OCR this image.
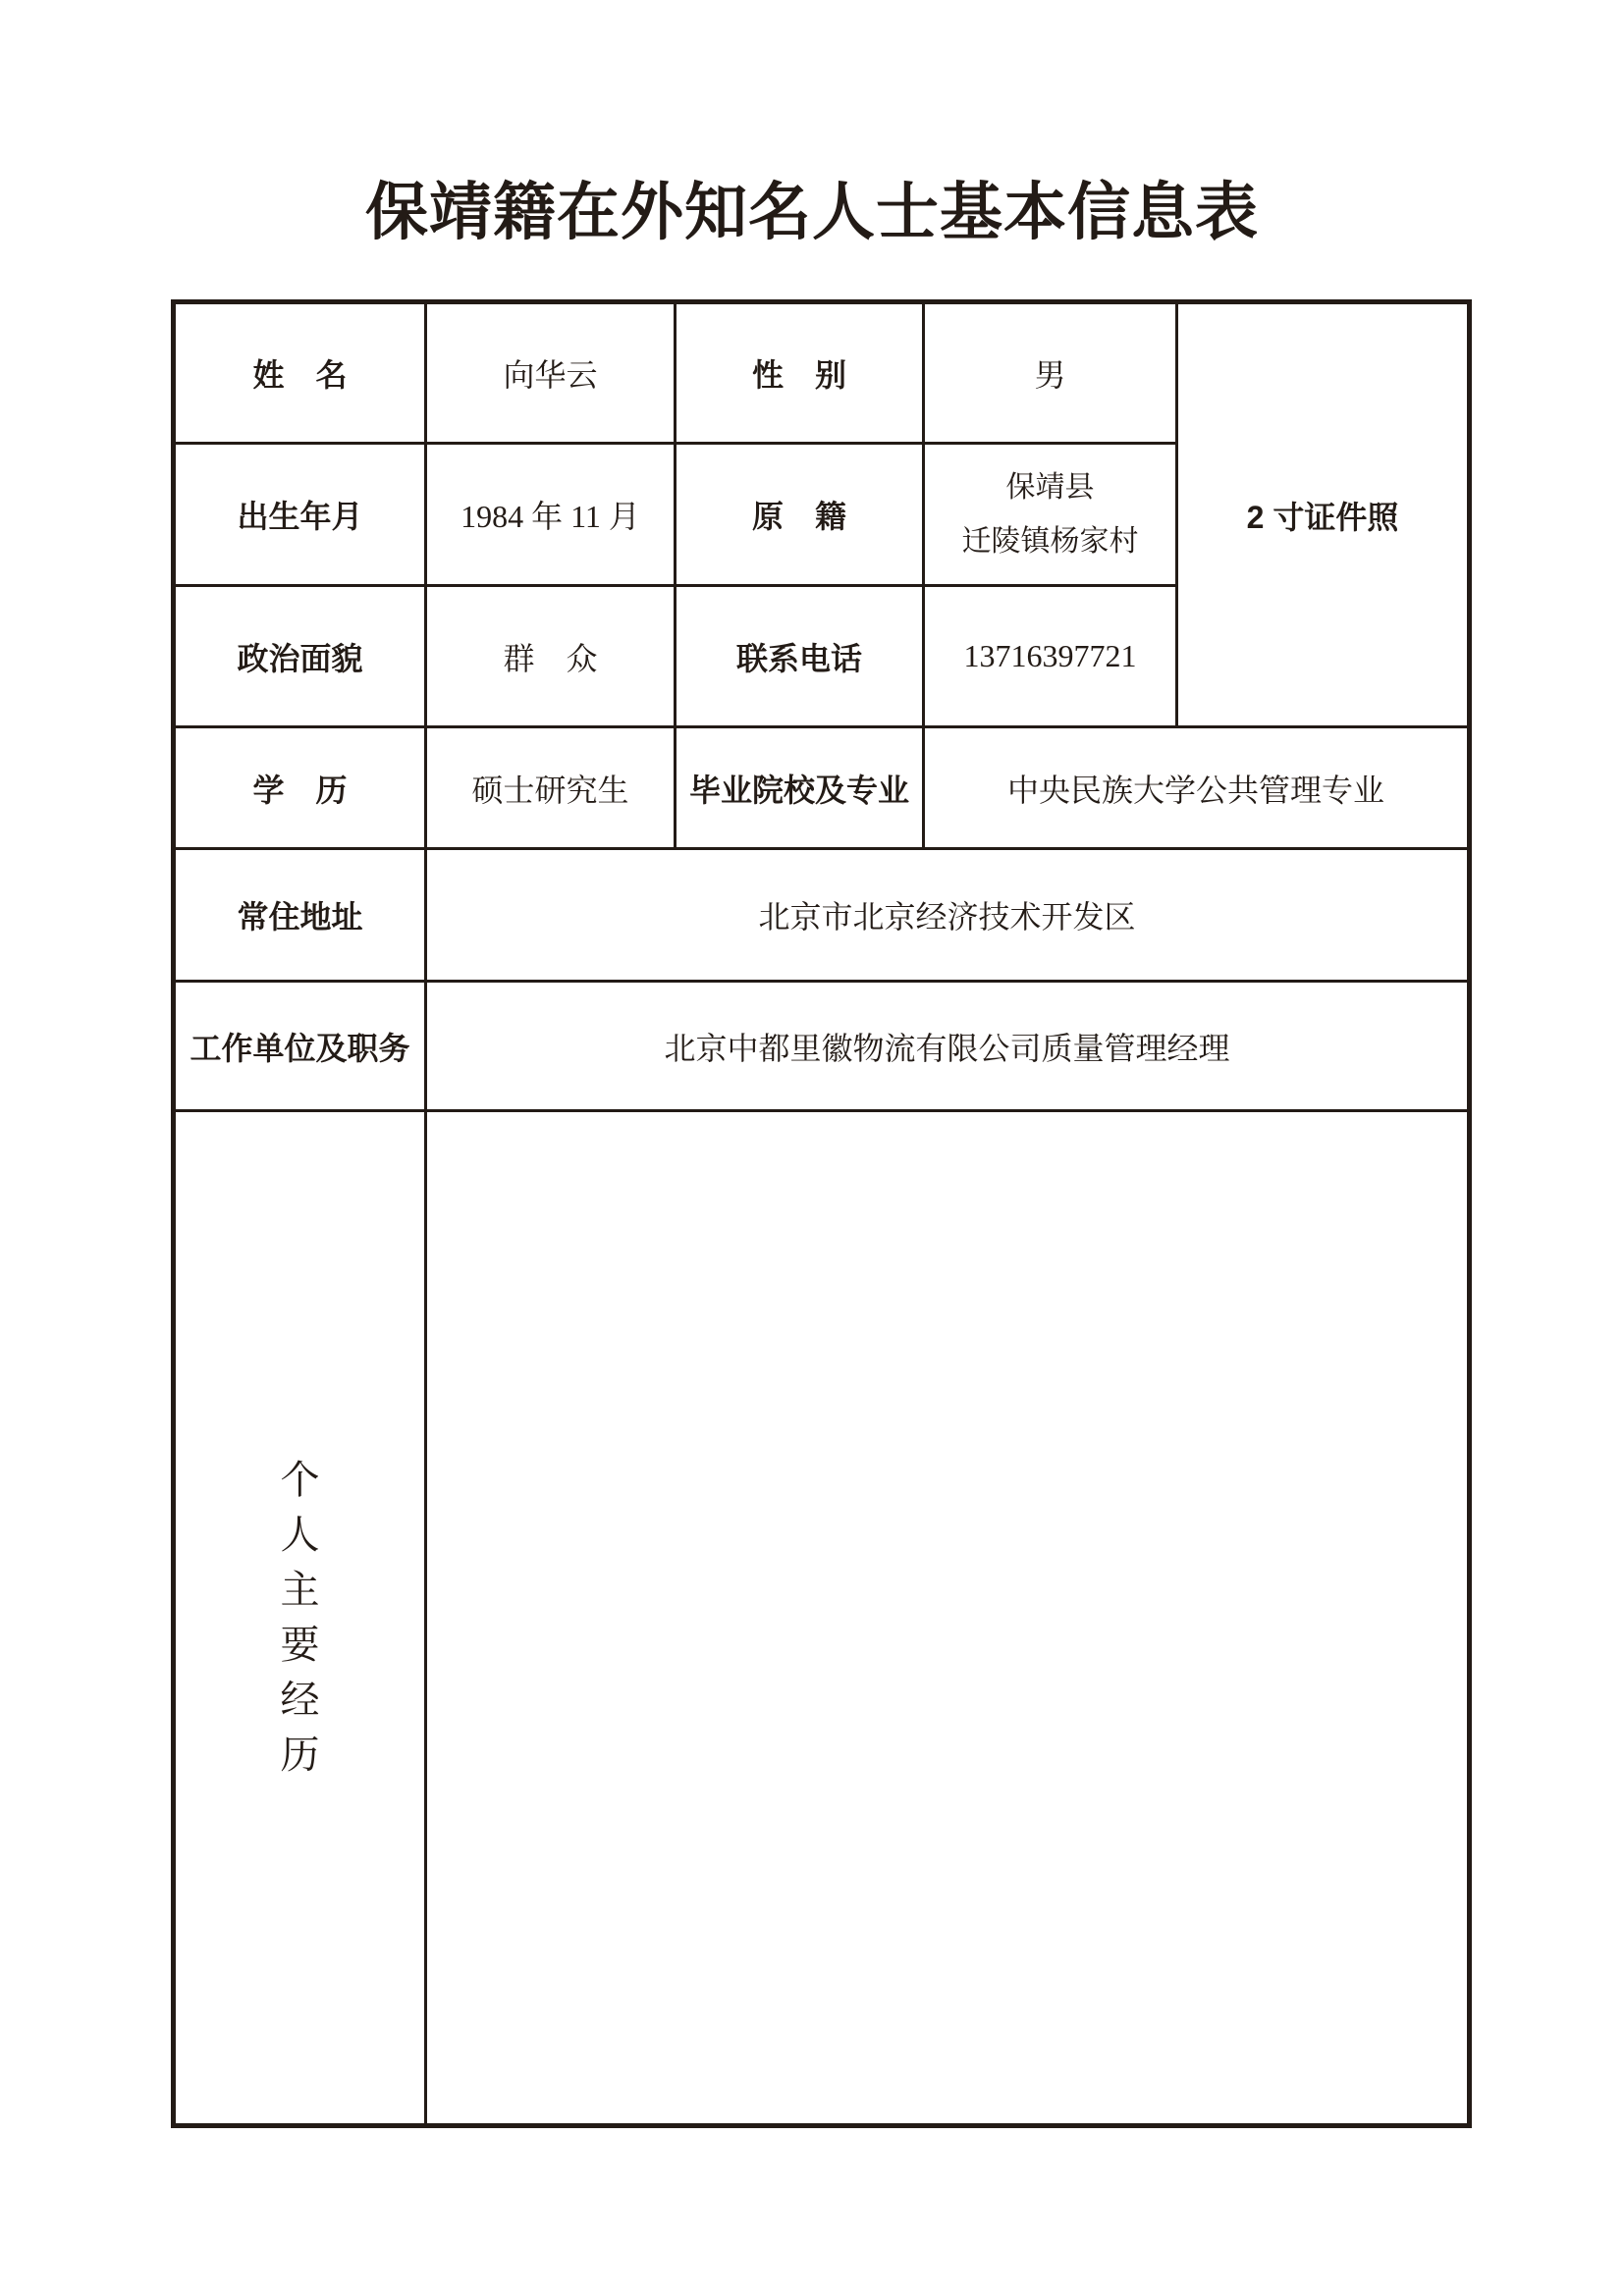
保靖籍在外知名人士基本信息表
姓　名	向华云	性　别	男	2 寸证件照
出生年月	1984 年 11 月	原　籍	保靖县
迁陵镇杨家村	

政治面貌	群　众	联系电话	13716397721	
学　历	硕士研究生	毕业院校及专业	中央民族大学公共管理专业	
常住地址	北京市北京经济技术开发区			
工作单位及职务	北京中都里徽物流有限公司质量管理经理			

个
人
主
要
经
历
